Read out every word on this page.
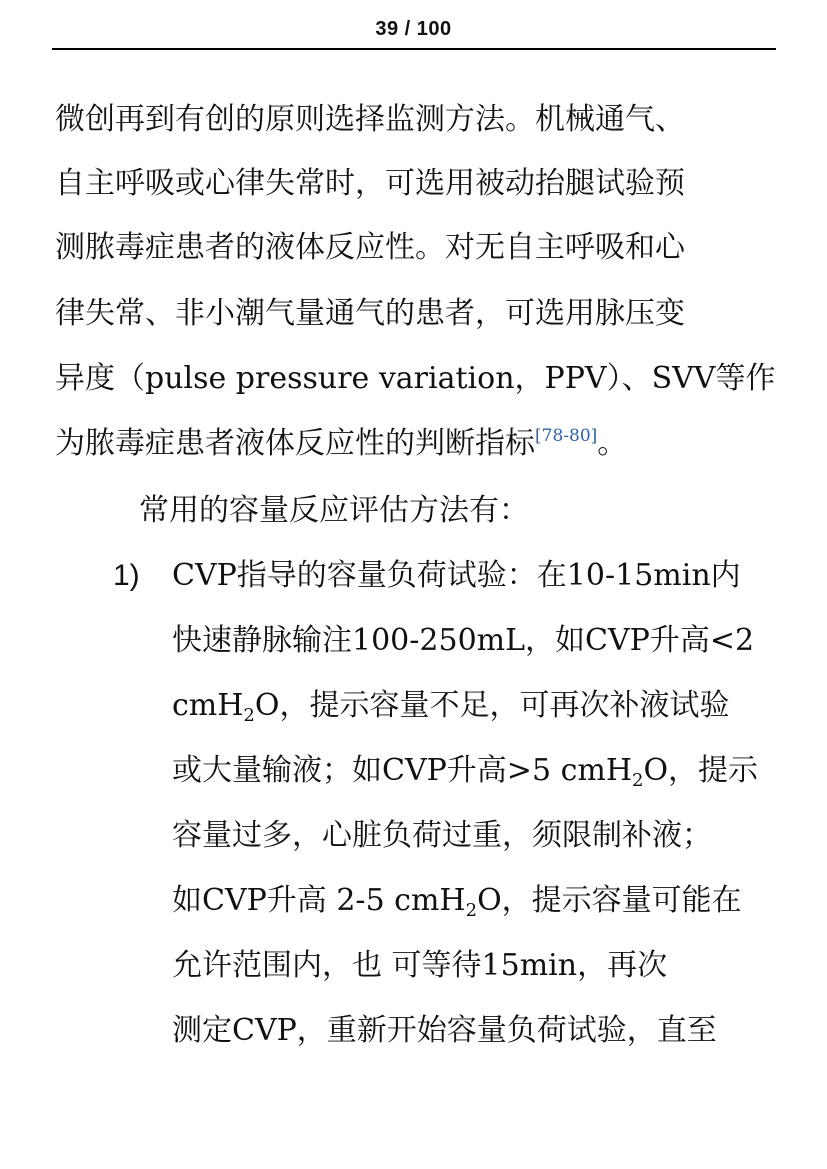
39 / 100
微创再到有创的原则选择监测方法。机械通气、
自主呼吸或心律失常时，可选用被动抬腿试验预
测脓毒症患者的液体反应性。对无自主呼吸和心
律失常、非小潮气量通气的患者，可选用脉压变
异度（pulse pressure variation，PPV）、SVV等作
为脓毒症患者液体反应性的判断指标[78-80]。
常用的容量反应评估方法有：
1) CVP指导的容量负荷试验：在10-15min内
快速静脉输注100-250mL，如CVP升高<2
cmH$_2$O，提示容量不足，可再次补液试验
或大量输液；如CVP升高>5 cmH$_2$O，提示
容量过多，心脏负荷过重，须限制补液；
如CVP升高 2-5 cmH$_2$O，提示容量可能在
允许范围内，也 可等待15min，再次
测定CVP，重新开始容量负荷试验，直至
